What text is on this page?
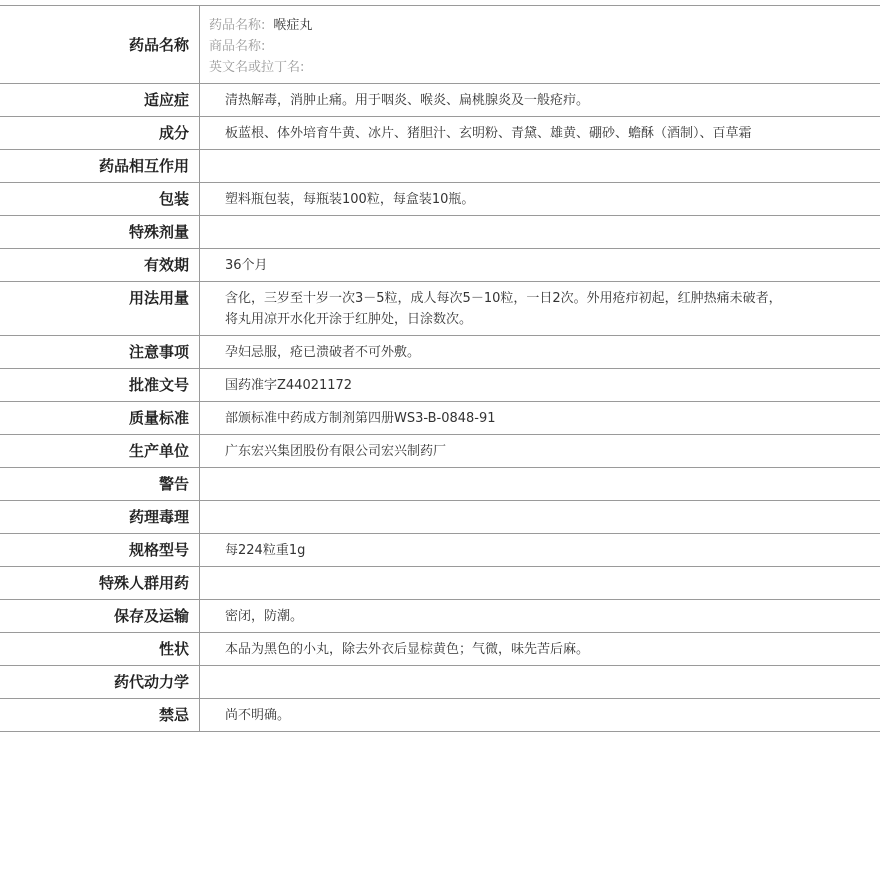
药品名称
药品名称: 喉症丸
商品名称:
英文名或拉丁名:
适应症	清热解毒，消肿止痛。用于咽炎、喉炎、扁桃腺炎及一般疮疖。
成分	板蓝根、体外培育牛黄、冰片、猪胆汁、玄明粉、青黛、雄黄、硼砂、蟾酥（酒制）、百草霜
药品相互作用
包装	塑料瓶包装，每瓶装100粒，每盒装10瓶。
特殊剂量
有效期	36个月
用法用量	含化，三岁至十岁一次3－5粒，成人每次5－10粒，一日2次。外用疮疖初起，红肿热痛未破者，将丸用凉开水化开涂于红肿处，日涂数次。
注意事项	孕妇忌服，疮已溃破者不可外敷。
批准文号	国药准字Z44021172
质量标准	部颁标准中药成方制剂第四册WS3-B-0848-91
生产单位	广东宏兴集团股份有限公司宏兴制药厂
警告
药理毒理
规格型号	每224粒重1g
特殊人群用药
保存及运输	密闭，防潮。
性状	本品为黑色的小丸，除去外衣后显棕黄色；气微，味先苦后麻。
药代动力学
禁忌	尚不明确。
